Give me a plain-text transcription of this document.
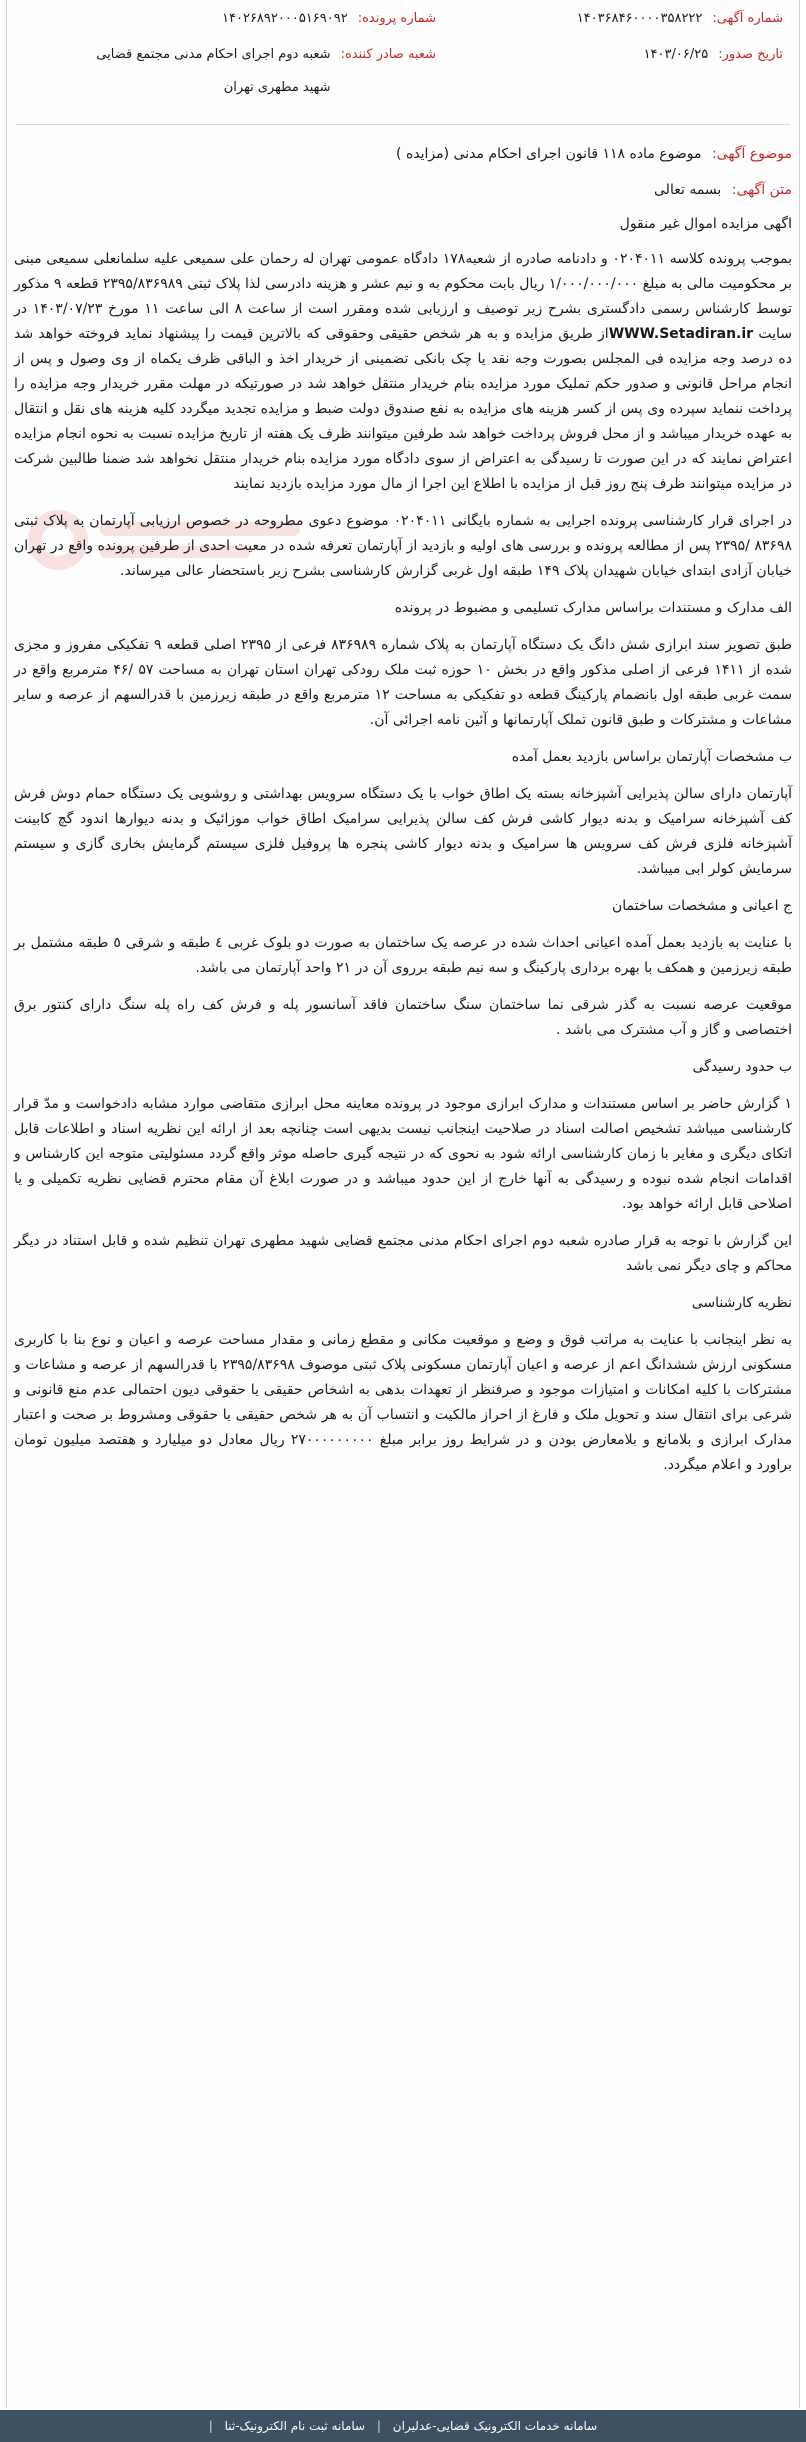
شماره آگهی:
۱۴۰۳۶۸۴۶۰۰۰۰۳۵۸۲۲۲
تاریخ صدور:
۱۴۰۳/۰۶/۲۵
شماره پرونده:
۱۴۰۲۶۸۹۲۰۰۰۵۱۶۹۰۹۲
شعبه صادر کننده:
شعبه دوم اجرای احکام مدنی مجتمع قضایی شهید مطهری تهران
موضوع آگهی: موضوع ماده ۱۱۸ قانون اجرای احکام مدنی (مزایده )
متن آگهی: بسمه تعالی
اگهی مزایده اموال غیر منقول

بموجب پرونده کلاسه ۰۲۰۴۰۱۱ و دادنامه صادره از شعبه۱۷۸ دادگاه عمومی تهران له رحمان علی سمیعی علیه سلمانعلی سمیعی مبنی بر محکومیت مالی به مبلغ ۱/۰۰۰/۰۰۰/۰۰۰ ریال بابت محکوم به و نیم عشر و هزینه دادرسی لذا پلاک ثبتی ۲۳۹۵/۸۳۶۹۸۹ قطعه ۹ مذکور توسط کارشناس رسمی دادگستری بشرح زیر توصیف و ارزیابی شده ومقرر است از ساعت ۸ الی ساعت ۱۱ مورخ ۱۴۰۳/۰۷/۲۳ در سایت WWW.Setadiran.irاز طریق مزایده و به هر شخص حقیقی وحقوقی که بالاترین قیمت را پیشنهاد نماید فروخته خواهد شد ده درصد وجه مزایده فی المجلس بصورت وجه نقد یا چک بانکی تضمینی از خریدار اخذ و الباقی ظرف یکماه از وی وصول و پس از انجام مراحل قانونی و صدور حکم تملیک مورد مزایده بنام خریدار منتقل خواهد شد در صورتیکه در مهلت مقرر خریدار وجه مزایده را پرداخت ننماید سپرده وی پس از کسر هزینه های مزایده به نفع صندوق دولت ضبط و مزایده تجدید میگردد کلیه هزینه های نقل و انتقال به عهده خریدار میباشد و از محل فروش پرداخت خواهد شد طرفین میتوانند ظرف یک هفته از تاریخ مزایده نسبت به نحوه انجام مزایده اعتراض نمایند که در این صورت تا رسیدگی به اعتراض از سوی دادگاه مورد مزایده بنام خریدار منتقل نخواهد شد ضمنا طالبین شرکت در مزایده میتوانند ظرف پنج روز قبل از مزایده با اطلاع این اجرا از مال مورد مزایده بازدید نمایند

در اجرای قرار کارشناسی پرونده اجرایی به شماره بایگانی ۰۲۰۴۰۱۱ موضوع دعوی مطروحه در خصوص ارزیابی آپارتمان به پلاک ثبتی ۸۳۶۹۸ /۲۳۹۵ پس از مطالعه پرونده و بررسی های اولیه و بازدید از آپارتمان تعرفه شده در معیت احدی از طرفین پرونده واقع در تهران خیابان آزادی ابتدای خیابان شهیدان پلاک ۱۴۹ طبقه اول غربی گزارش کارشناسی بشرح زیر باستحضار عالی میرساند.

الف مدارک و مستندات براساس مدارک تسلیمی و مضبوط در پرونده

طبق تصویر سند ابرازی شش دانگ یک دستگاه آپارتمان به پلاک شماره ۸۳۶۹۸۹ فرعی از ۲۳۹۵ اصلی قطعه ۹ تفکیکی مفروز و مجزی شده از ۱۴۱۱ فرعی از اصلی مذکور واقع در بخش ۱۰ حوزه ثبت ملک رودکی تهران استان تهران به مساحت ۵۷ /۴۶ مترمربع واقع در سمت غربی طبقه اول بانضمام پارکینگ قطعه دو تفکیکی به مساحت ۱۲ مترمربع واقع در طبقه زیرزمین با قدرالسهم از عرصه و سایر مشاعات و مشترکات و طبق قانون تملک آپارتمانها و آئین نامه اجرائی آن.

ب مشخصات آپارتمان براساس بازدید بعمل آمده

آپارتمان دارای سالن پذیرایی آشپزخانه بسته یک اطاق خواب با یک دستگاه سرویس بهداشتی و روشویی یک دستگاه حمام دوش فرش کف آشپزخانه سرامیک و بدنه دیوار کاشی فرش کف سالن پذیرایی سرامیک اطاق خواب موزائیک و بدنه دیوارها اندود گچ کابینت آشپزخانه فلزی فرش کف سرویس ها سرامیک و بدنه دیوار کاشی پنجره ها پروفیل فلزی سیستم گرمایش بخاری گازی و سیستم سرمایش کولر ابی میباشد.

ج اعیانی و مشخصات ساختمان

با عنایت به بازدید بعمل آمده اعیانی احداث شده در عرصه یک ساختمان به صورت دو بلوک غربی ٤ طبقه و شرقی ٥ طبقه مشتمل بر طبقه زیرزمین و همکف با بهره برداری پارکینگ و سه نیم طبقه برروی آن در ۲۱ واحد آپارتمان می باشد.

موقعیت عرصه نسبت به گذر شرقی نما ساختمان سنگ ساختمان فاقد آسانسور پله و فرش کف راه پله سنگ دارای کنتور برق اختصاصی و گاز و آب مشترک می باشد .

ب حدود رسیدگی

۱ گزارش حاضر بر اساس مستندات و مدارک ابرازی موجود در پرونده معاینه محل ابرازی متقاضی موارد مشابه دادخواست و مدّ قرار کارشناسی میباشد تشخیص اصالت اسناد در صلاحیت اینجانب نیست بدیهی است چنانچه بعد از ارائه این نظریه اسناد و اطلاعات قابل اتکای دیگری و مغایر با زمان کارشناسی ارائه شود به نحوی که در نتیجه گیری حاصله موثر واقع گردد مسئولیتی متوجه این کارشناس و اقدامات انجام شده نبوده و رسیدگی به آنها خارج از این حدود میباشد و در صورت ابلاغ آن مقام محترم قضایی نظریه تکمیلی و یا اصلاحی قابل ارائه خواهد بود.

این گزارش با توجه به قرار صادره شعبه دوم اجرای احکام مدنی مجتمع قضایی شهید مطهری تهران تنظیم شده و قابل استناد در دیگر محاکم و چای دیگر نمی باشد

نظریه کارشناسی

به نظر اینجانب با عنایت به مراتب فوق و وضع و موقعیت مکانی و مقطع زمانی و مقدار مساحت عرصه و اعیان و نوع بنا با کاربری مسکونی ارزش ششدانگ اعم از عرصه و اعیان آپارتمان مسکونی پلاک ثبتی موصوف ۲۳۹۵/۸۳۶۹۸ با قدرالسهم از عرصه و مشاعات و مشترکات با کلیه امکانات و امتیازات موجود و صرفنظر از تعهدات بدهی به اشخاص حقیقی یا حقوقی دیون احتمالی عدم منع قانونی و شرعی برای انتقال سند و تحویل ملک و فارغ از احراز مالکیت و انتساب آن به هر شخص حقیقی یا حقوقی ومشروط بر صحت و اعتبار مدارک ابرازی و بلامانع و بلامعارض بودن و در شرایط روز برابر مبلغ ۲۷۰۰۰۰۰۰۰۰۰ ریال معادل دو میلیارد و هفتصد میلیون تومان براورد و اعلام میگردد.

سامانه خدمات الکترونیک قضایی-عدلیران | سامانه ثبت نام الکترونیک-ثنا |
